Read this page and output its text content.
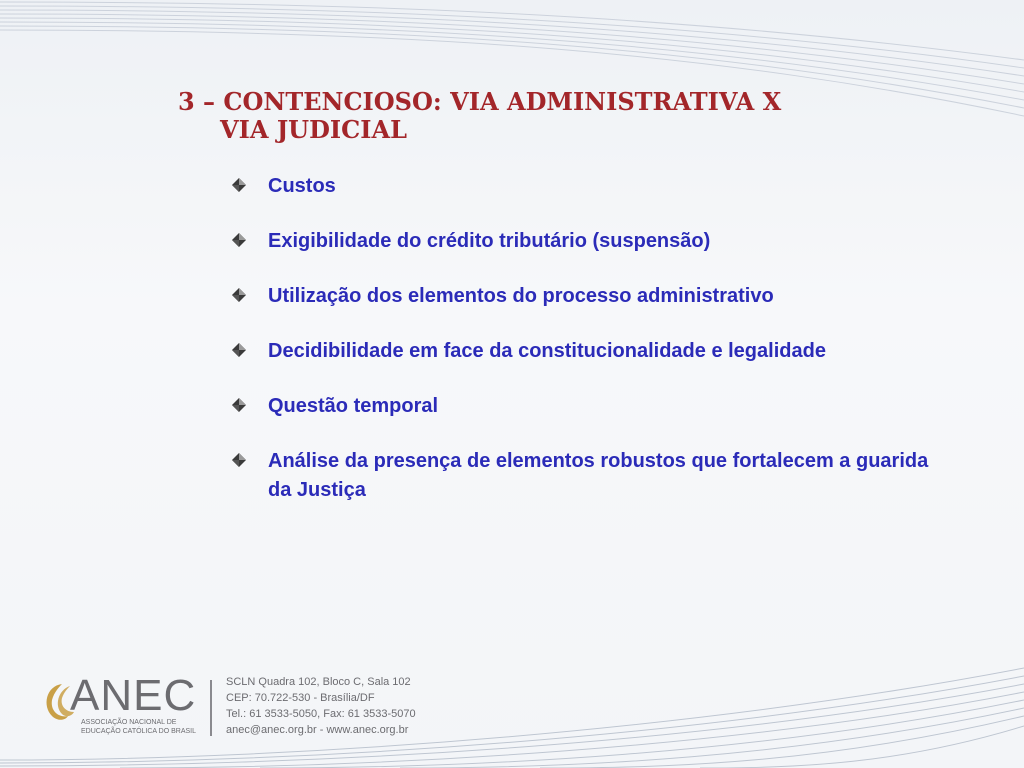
3 – CONTENCIOSO: VIA ADMINISTRATIVA X
VIA JUDICIAL
Custos
Exigibilidade do crédito tributário (suspensão)
Utilização dos elementos do processo administrativo
Decidibilidade em face da constitucionalidade e legalidade
Questão temporal
Análise da presença de elementos robustos que fortalecem a guarida da Justiça

ANEC

ASSOCIAÇÃO NACIONAL DE
EDUCAÇÃO CATÓLICA DO BRASIL

SCLN Quadra 102, Bloco C, Sala 102
CEP: 70.722-530 - Brasília/DF
Tel.: 61 3533-5050, Fax: 61 3533-5070
anec@anec.org.br - www.anec.org.br
